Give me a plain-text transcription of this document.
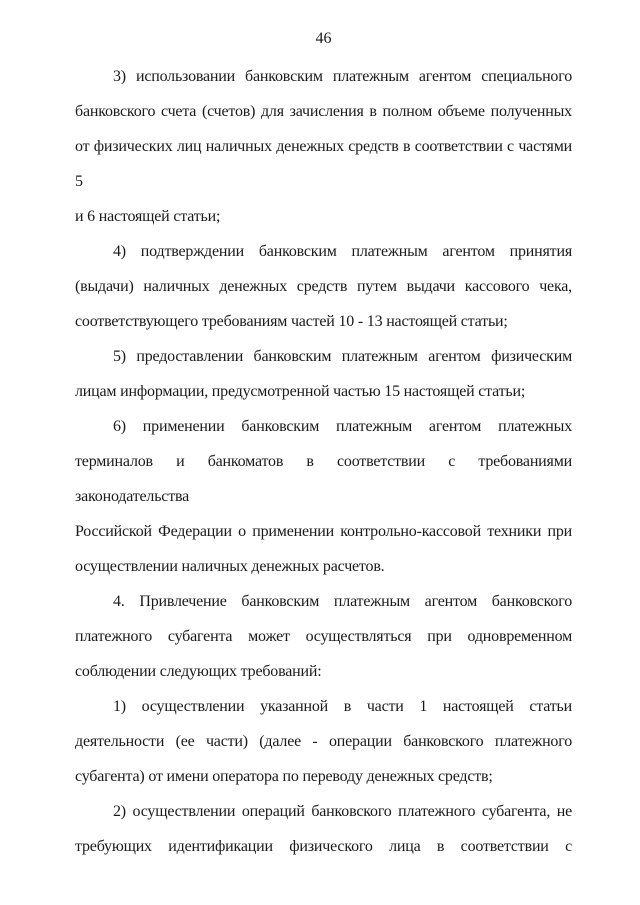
46
3) использовании банковским платежным агентом специального
банковского счета (счетов) для зачисления в полном объеме полученных
от физических лиц наличных денежных средств в соответствии с частями 5
и 6 настоящей статьи;
4) подтверждении банковским платежным агентом принятия
(выдачи) наличных денежных средств путем выдачи кассового чека,
соответствующего требованиям частей 10 - 13 настоящей статьи;
5) предоставлении банковским платежным агентом физическим
лицам информации, предусмотренной частью 15 настоящей статьи;
6) применении банковским платежным агентом платежных
терминалов и банкоматов в соответствии с требованиями законодательства
Российской Федерации о применении контрольно-кассовой техники при
осуществлении наличных денежных расчетов.
4. Привлечение банковским платежным агентом банковского
платежного субагента может осуществляться при одновременном
соблюдении следующих требований:
1) осуществлении указанной в части 1 настоящей статьи
деятельности (ее части) (далее - операции банковского платежного
субагента) от имени оператора по переводу денежных средств;
2) осуществлении операций банковского платежного субагента, не
требующих идентификации физического лица в соответствии с
